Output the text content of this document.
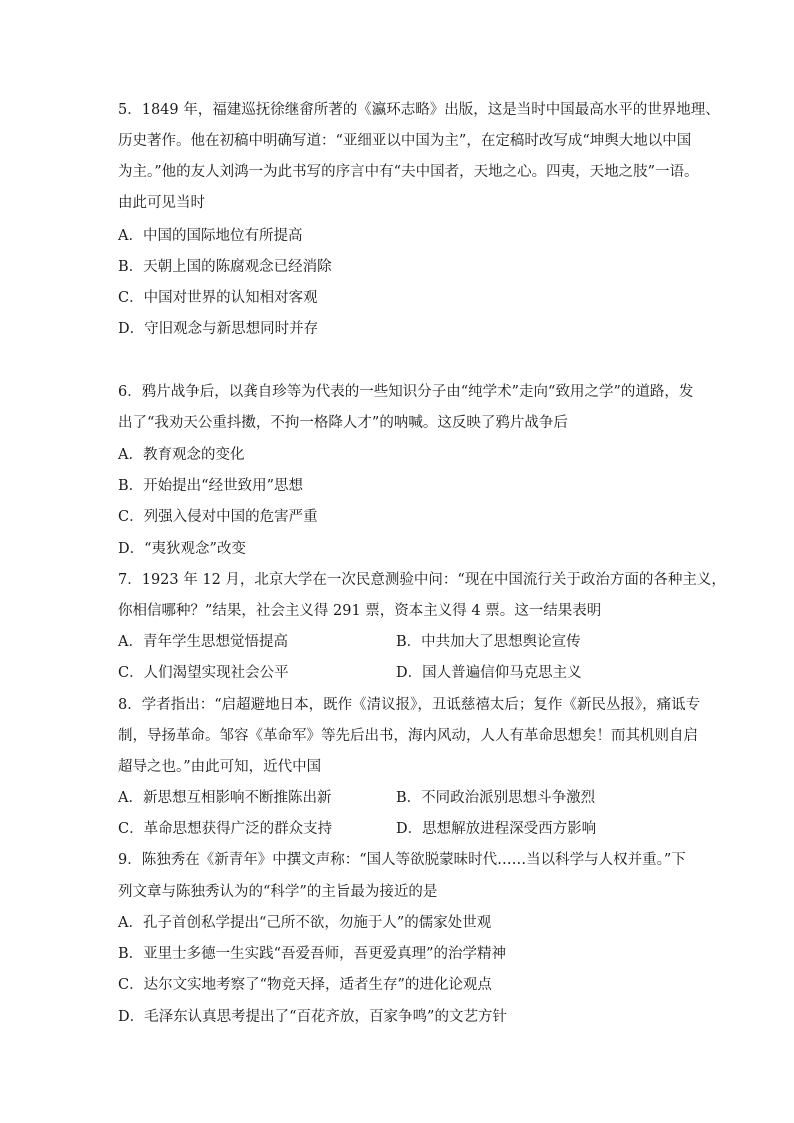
5．1849 年，福建巡抚徐继畲所著的《瀛环志略》出版，这是当时中国最高水平的世界地理、
历史著作。他在初稿中明确写道：“亚细亚以中国为主”，在定稿时改写成“坤舆大地以中国
为主。”他的友人刘鸿一为此书写的序言中有“夫中国者，天地之心。四夷，天地之肢”一语。
由此可见当时
A．中国的国际地位有所提高
B．天朝上国的陈腐观念已经消除
C．中国对世界的认知相对客观
D．守旧观念与新思想同时并存
6．鸦片战争后，以龚自珍等为代表的一些知识分子由“纯学术”走向“致用之学”的道路，发
出了“我劝天公重抖擞，不拘一格降人才”的呐喊。这反映了鸦片战争后
A．教育观念的变化
B．开始提出“经世致用”思想
C．列强入侵对中国的危害严重
D．“夷狄观念”改变
7．1923 年 12 月，北京大学在一次民意测验中问：“现在中国流行关于政治方面的各种主义，
你相信哪种？”结果，社会主义得 291 票，资本主义得 4 票。这一结果表明
A．青年学生思想觉悟提高	B．中共加大了思想舆论宣传
C．人们渴望实现社会公平	D．国人普遍信仰马克思主义
8．学者指出：“启超避地日本，既作《清议报》，丑诋慈禧太后；复作《新民丛报》，痛诋专
制，导扬革命。邹容《革命军》等先后出书，海内风动，人人有革命思想矣！而其机则自启
超导之也。”由此可知，近代中国
A．新思想互相影响不断推陈出新	B．不同政治派别思想斗争激烈
C．革命思想获得广泛的群众支持	D．思想解放进程深受西方影响
9．陈独秀在《新青年》中撰文声称：“国人等欲脱蒙昧时代……当以科学与人权并重。”下
列文章与陈独秀认为的“科学”的主旨最为接近的是
A．孔子首创私学提出“己所不欲，勿施于人”的儒家处世观
B．亚里士多德一生实践“吾爱吾师，吾更爱真理”的治学精神
C．达尔文实地考察了“物竞天择，适者生存”的进化论观点
D．毛泽东认真思考提出了“百花齐放，百家争鸣”的文艺方针
